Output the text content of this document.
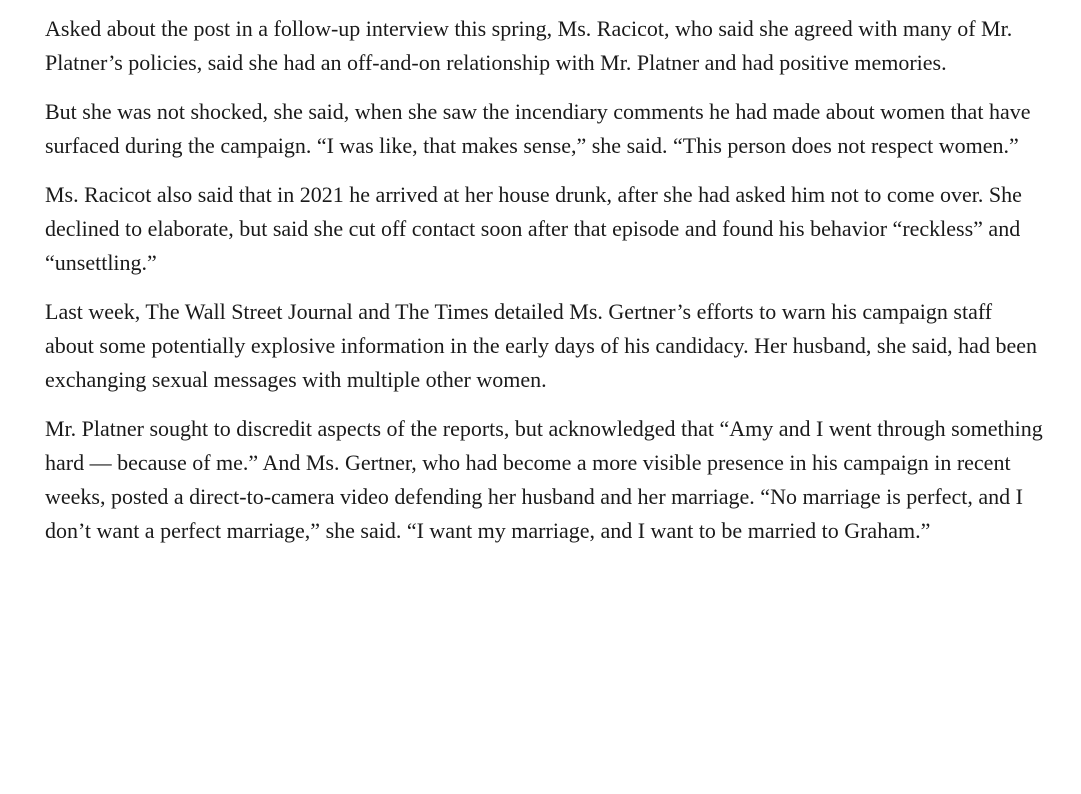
Asked about the post in a follow-up interview this spring, Ms. Racicot, who said she agreed with many of Mr. Platner’s policies, said she had an off-and-on relationship with Mr. Platner and had positive memories.

But she was not shocked, she said, when she saw the incendiary comments he had made about women that have surfaced during the campaign. “I was like, that makes sense,” she said. “This person does not respect women.”

Ms. Racicot also said that in 2021 he arrived at her house drunk, after she had asked him not to come over. She declined to elaborate, but said she cut off contact soon after that episode and found his behavior “reckless” and “unsettling.”

Last week, The Wall Street Journal and The Times detailed Ms. Gertner’s efforts to warn his campaign staff about some potentially explosive information in the early days of his candidacy. Her husband, she said, had been exchanging sexual messages with multiple other women.

Mr. Platner sought to discredit aspects of the reports, but acknowledged that “Amy and I went through something hard — because of me.” And Ms. Gertner, who had become a more visible presence in his campaign in recent weeks, posted a direct-to-camera video defending her husband and her marriage. “No marriage is perfect, and I don’t want a perfect marriage,” she said. “I want my marriage, and I want to be married to Graham.”
